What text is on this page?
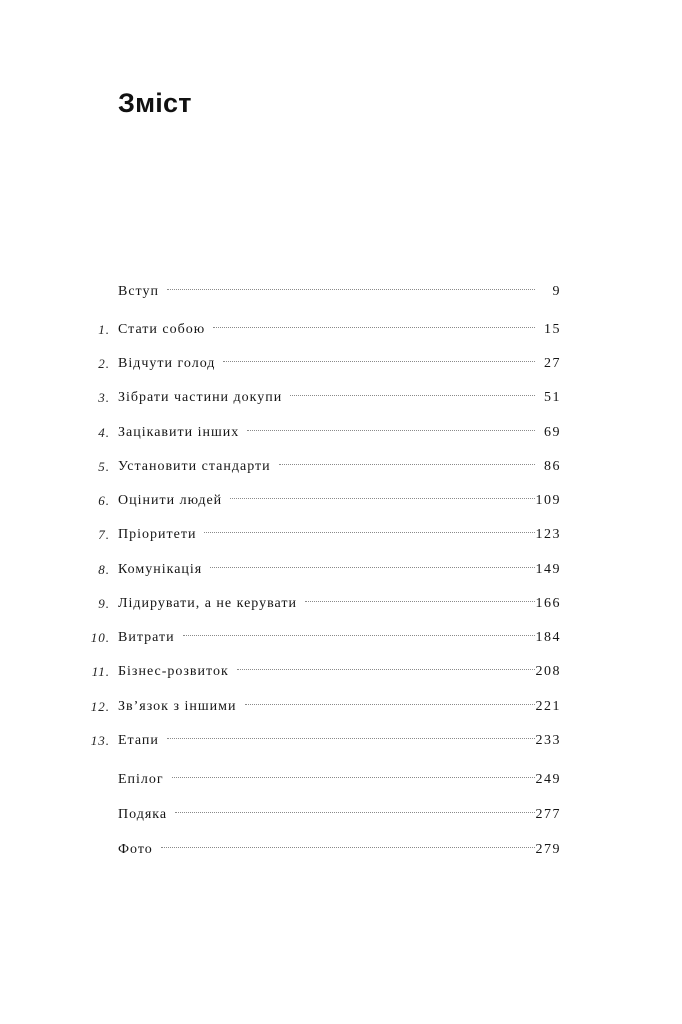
Зміст
Вступ	9
1. Стати собою	15
2. Відчути голод	27
3. Зібрати частини докупи	51
4. Зацікавити інших	69
5. Установити стандарти	86
6. Оцінити людей	109
7. Пріоритети	123
8. Комунікація	149
9. Лідирувати, а не керувати	166
10. Витрати	184
11. Бізнес-розвиток	208
12. Зв’язок з іншими	221
13. Етапи	233
Епілог	249
Подяка	277
Фото	279
